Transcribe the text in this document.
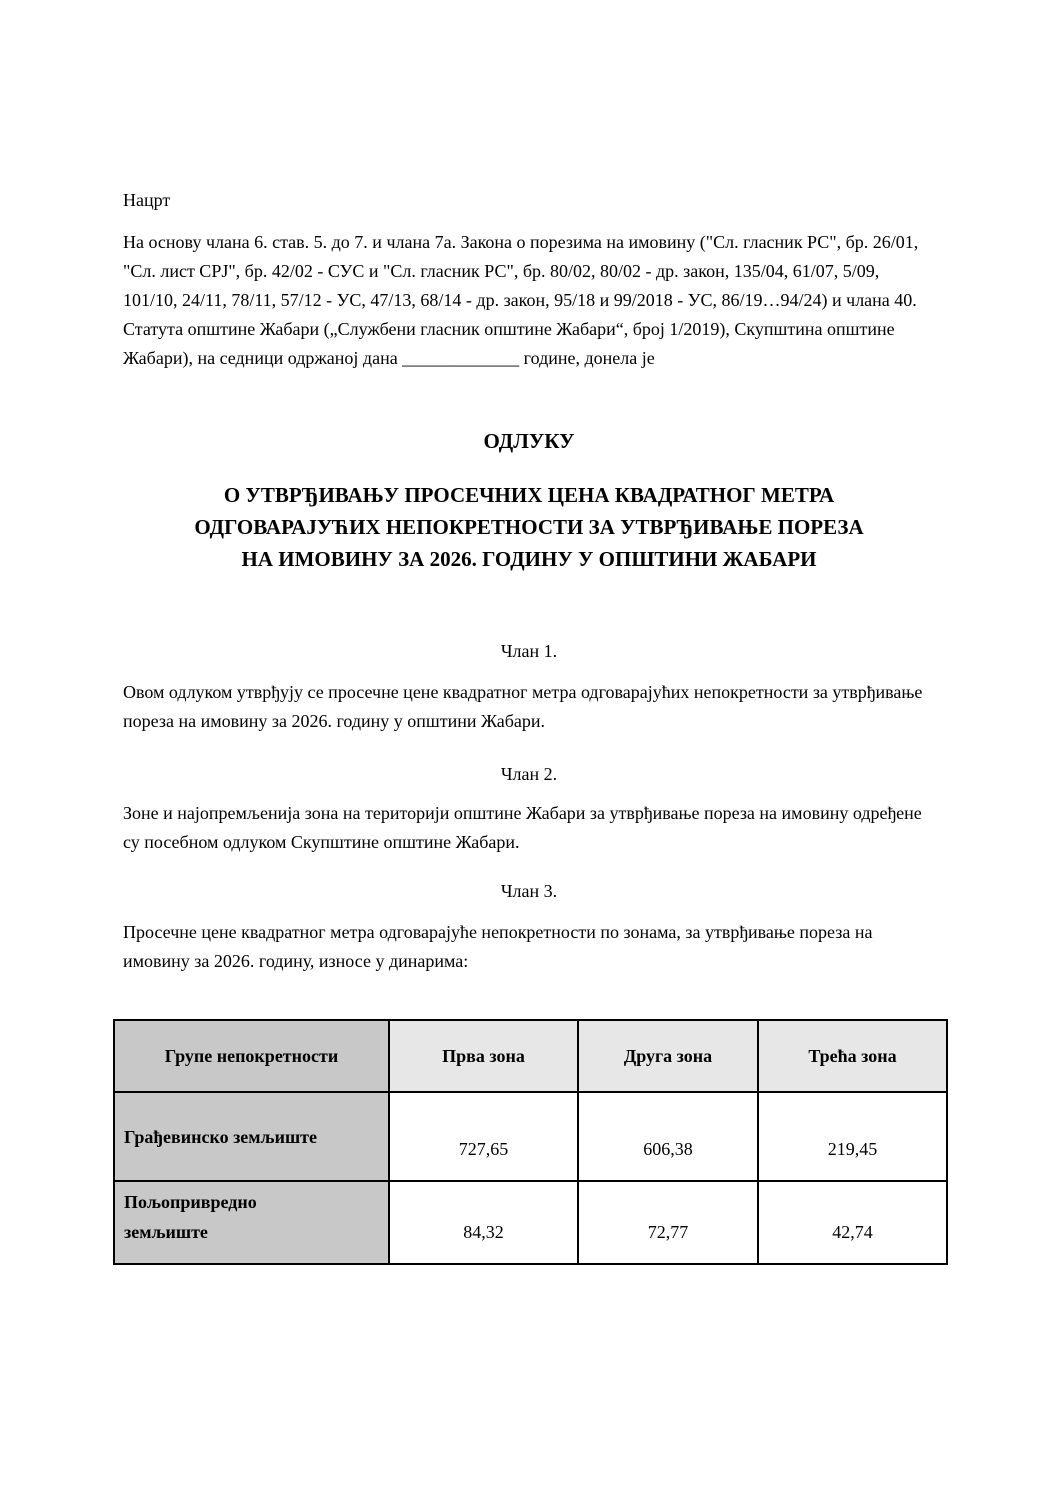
Нацрт

На основу члана 6. став. 5. до 7. и члана 7а. Закона о порезима на имовину ("Сл. гласник РС", бр. 26/01, "Сл. лист СРЈ", бр. 42/02 - СУС и "Сл. гласник РС", бр. 80/02, 80/02 - др. закон, 135/04, 61/07, 5/09, 101/10, 24/11, 78/11, 57/12 - УС, 47/13, 68/14 - др. закон, 95/18 и 99/2018 - УС, 86/19…94/24) и члана 40. Статута општине Жабари („Службени гласник општине Жабари“, број 1/2019), Скупштина општине Жабари), на седници одржаној дана _____________ године, донела је

ОДЛУКУ
О УТВРЂИВАЊУ ПРОСЕЧНИХ ЦЕНА КВАДРАТНОГ МЕТРА
ОДГОВАРАЈУЋИХ НЕПОКРЕТНОСТИ ЗА УТВРЂИВАЊЕ ПОРЕЗА
НА ИМОВИНУ ЗА 2026. ГОДИНУ У ОПШТИНИ ЖАБАРИ
Члан 1.

Овом одлуком утврђују се просечне цене квадратног метра одговарајућих непокретности за утврђивање пореза на имовину за 2026. годину у општини Жабари.

Члан 2.

Зоне и најопремљенија зона на територији општине Жабари за утврђивање пореза на имовину одређене су посебном одлуком Скупштине општине Жабари.

Члан 3.

Просечне цене квадратног метра одговарајуће непокретности по зонама, за утврђивање пореза на имовину за 2026. годину, износе у динарима:

Групе непокретности	Прва зона	Друга зона	Трећа зона
Грађевинско земљиште	727,65	606,38	219,45
Пољопривредно земљиште	84,32	72,77	42,74
